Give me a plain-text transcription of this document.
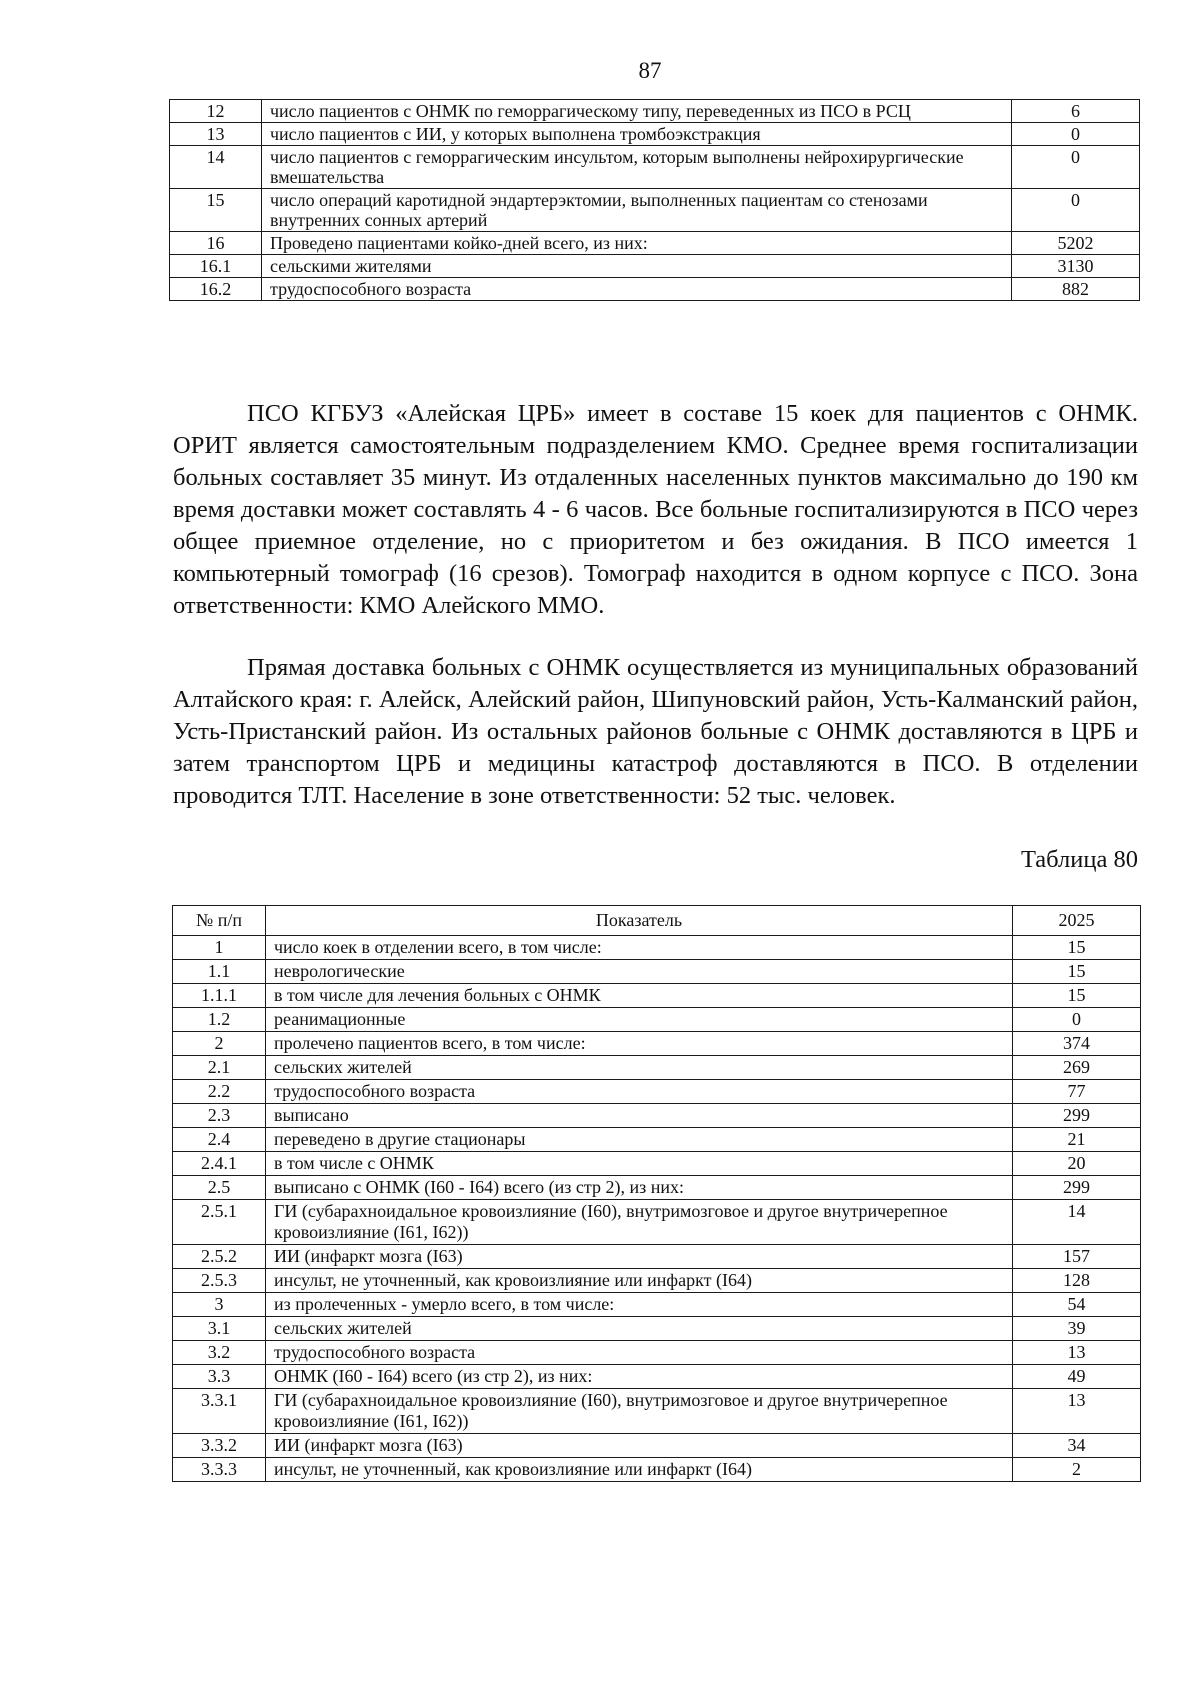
87
12	число пациентов с ОНМК по геморрагическому типу, переведенных из ПСО в РСЦ	6
13	число пациентов с ИИ, у которых выполнена тромбоэкстракция	0
14	число пациентов с геморрагическим инсультом, которым выполнены нейрохирургические вмешательства	0
15	число операций каротидной эндартерэктомии, выполненных пациентам со стенозами внутренних сонных артерий	0
16	Проведено пациентами койко-дней всего, из них:	5202
16.1	сельскими жителями	3130
16.2	трудоспособного возраста	882

ПСО КГБУЗ «Алейская ЦРБ» имеет в составе 15 коек для пациентов с ОНМК. ОРИТ является самостоятельным подразделением КМО. Среднее время госпитализации больных составляет 35 минут. Из отдаленных населенных пунктов максимально до 190 км время доставки может составлять 4 - 6 часов. Все больные госпитализируются в ПСО через общее приемное отделение, но с приоритетом и без ожидания. В ПСО имеется 1 компьютерный томограф (16 срезов). Томограф находится в одном корпусе с ПСО. Зона ответственности: КМО Алейского ММО.

Прямая доставка больных с ОНМК осуществляется из муниципальных образований Алтайского края: г. Алейск, Алейский район, Шипуновский район, Усть-Калманский район, Усть-Пристанский район. Из остальных районов больные с ОНМК доставляются в ЦРБ и затем транспортом ЦРБ и медицины катастроф доставляются в ПСО. В отделении проводится ТЛТ. Население в зоне ответственности: 52 тыс. человек.

Таблица 80
№ п/п	Показатель	2025
1	число коек в отделении всего, в том числе:	15
1.1	неврологические	15
1.1.1	в том числе для лечения больных с ОНМК	15
1.2	реанимационные	0
2	пролечено пациентов всего, в том числе:	374
2.1	сельских жителей	269
2.2	трудоспособного возраста	77
2.3	выписано	299
2.4	переведено в другие стационары	21
2.4.1	в том числе с ОНМК	20
2.5	выписано с ОНМК (I60 - I64) всего (из стр 2), из них:	299
2.5.1	ГИ (субарахноидальное кровоизлияние (I60), внутримозговое и другое внутричерепное кровоизлияние (I61, I62))	14
2.5.2	ИИ (инфаркт мозга (I63)	157
2.5.3	инсульт, не уточненный, как кровоизлияние или инфаркт (I64)	128
3	из пролеченных - умерло всего, в том числе:	54
3.1	сельских жителей	39
3.2	трудоспособного возраста	13
3.3	ОНМК (I60 - I64) всего (из стр 2), из них:	49
3.3.1	ГИ (субарахноидальное кровоизлияние (I60), внутримозговое и другое внутричерепное кровоизлияние (I61, I62))	13
3.3.2	ИИ (инфаркт мозга (I63)	34
3.3.3	инсульт, не уточненный, как кровоизлияние или инфаркт (I64)	2
